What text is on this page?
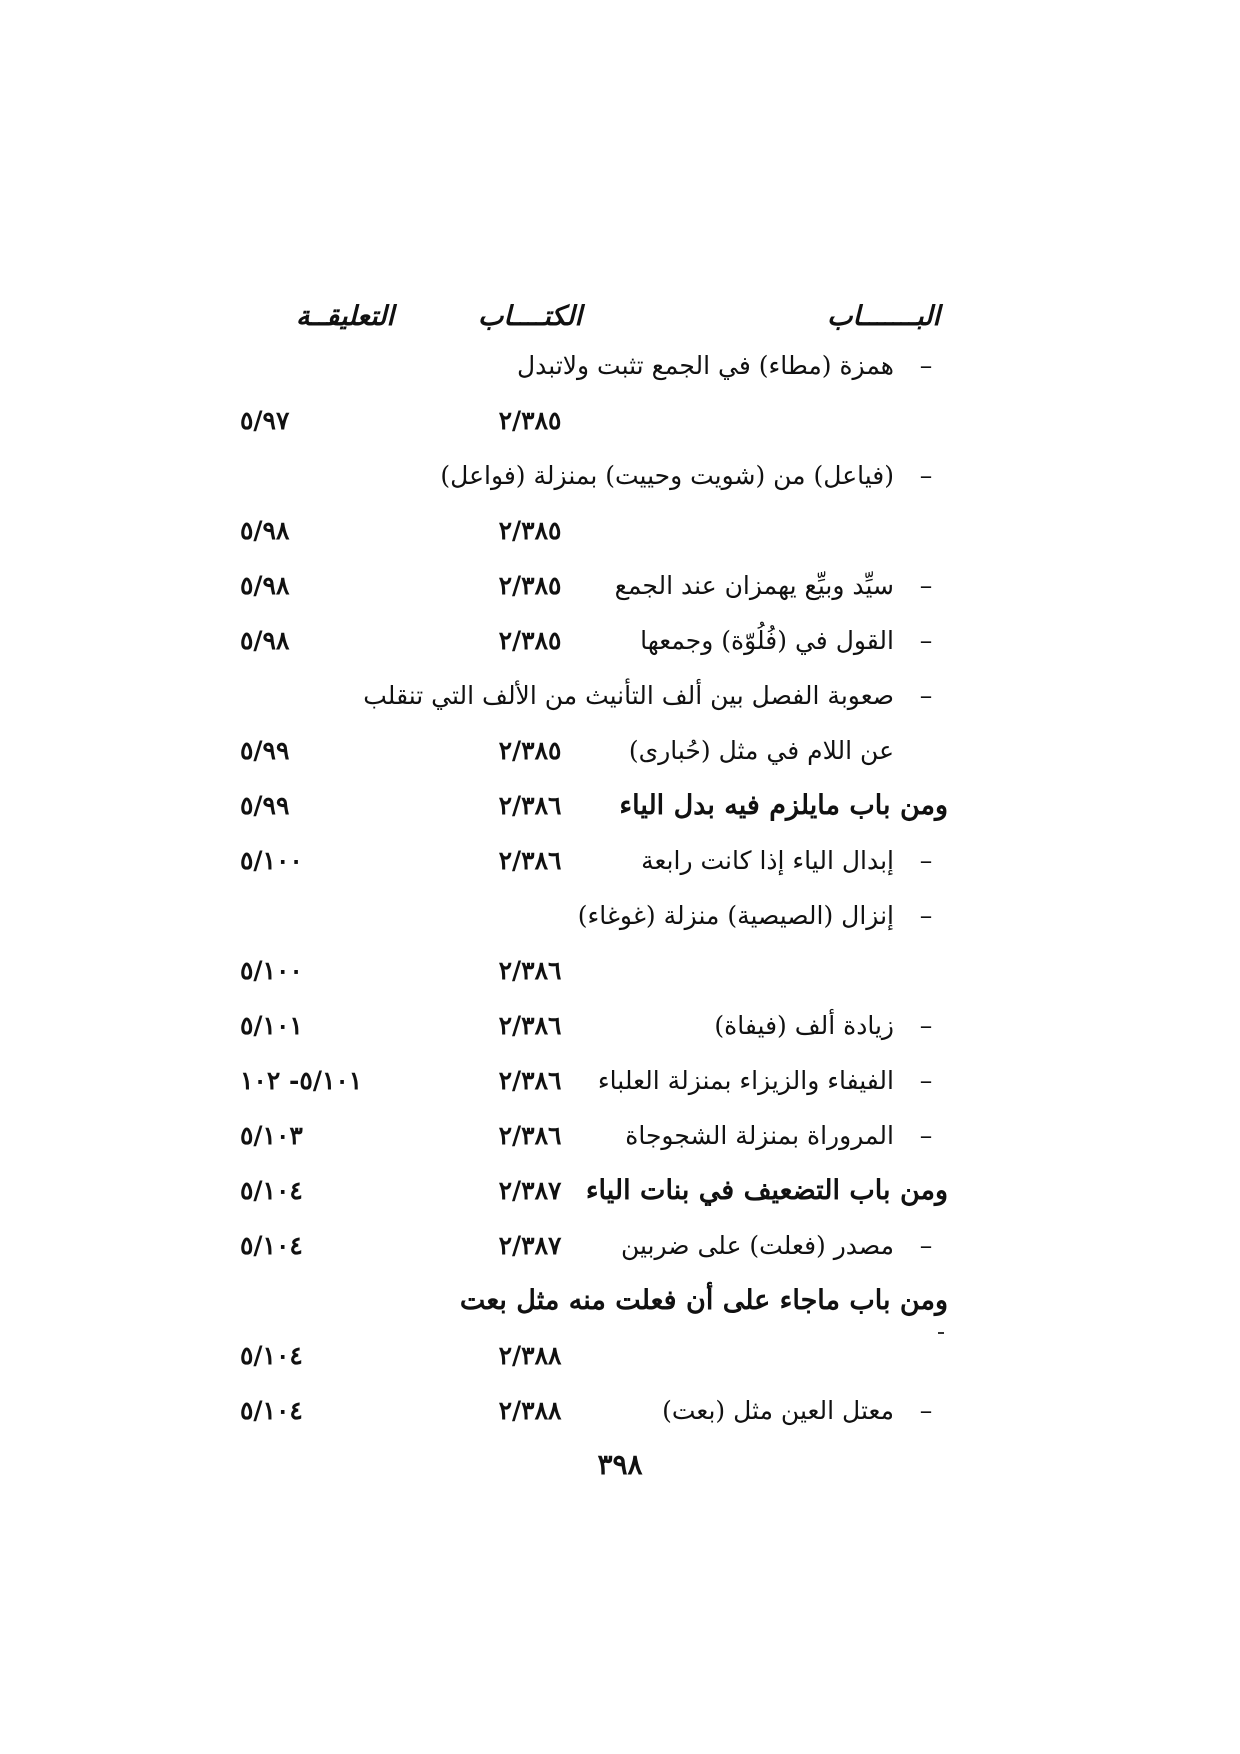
البـــــــاب
الكتــــاب
التعليقــة
–همزة (مطاء) في الجمع تثبت ولاتبدل
٢/٣٨٥
٥/٩٧
–(فياعل) من (شويت وحييت) بمنزلة (فواعل)
٢/٣٨٥
٥/٩٨
–سيِّد وبيِّع يهمزان عند الجمع
٢/٣٨٥
٥/٩٨
–القول في (فُلُوّة) وجمعها
٢/٣٨٥
٥/٩٨
–صعوبة الفصل بين ألف التأنيث من الألف التي تنقلب
عن اللام في مثل (حُبارى)
٢/٣٨٥
٥/٩٩
ومن باب مايلزم فيه بدل الياء
٢/٣٨٦
٥/٩٩
–إبدال الياء إذا كانت رابعة
٢/٣٨٦
٥/١٠٠
–إنزال (الصيصية) منزلة (غوغاء)
٢/٣٨٦
٥/١٠٠
–زيادة ألف (فيفاة)
٢/٣٨٦
٥/١٠١
–الفيفاء والزيزاء بمنزلة العلباء
٢/٣٨٦
٥/١٠١- ١٠٢
–المروراة بمنزلة الشجوجاة
٢/٣٨٦
٥/١٠٣
ومن باب التضعيف في بنات الياء
٢/٣٨٧
٥/١٠٤
–مصدر (فعلت) على ضربين
٢/٣٨٧
٥/١٠٤
ومن باب ماجاء على أن فعلت منه مثل بعت
٢/٣٨٨
٥/١٠٤
–معتل العين مثل (بعت)
٢/٣٨٨
٥/١٠٤
٣٩٨
